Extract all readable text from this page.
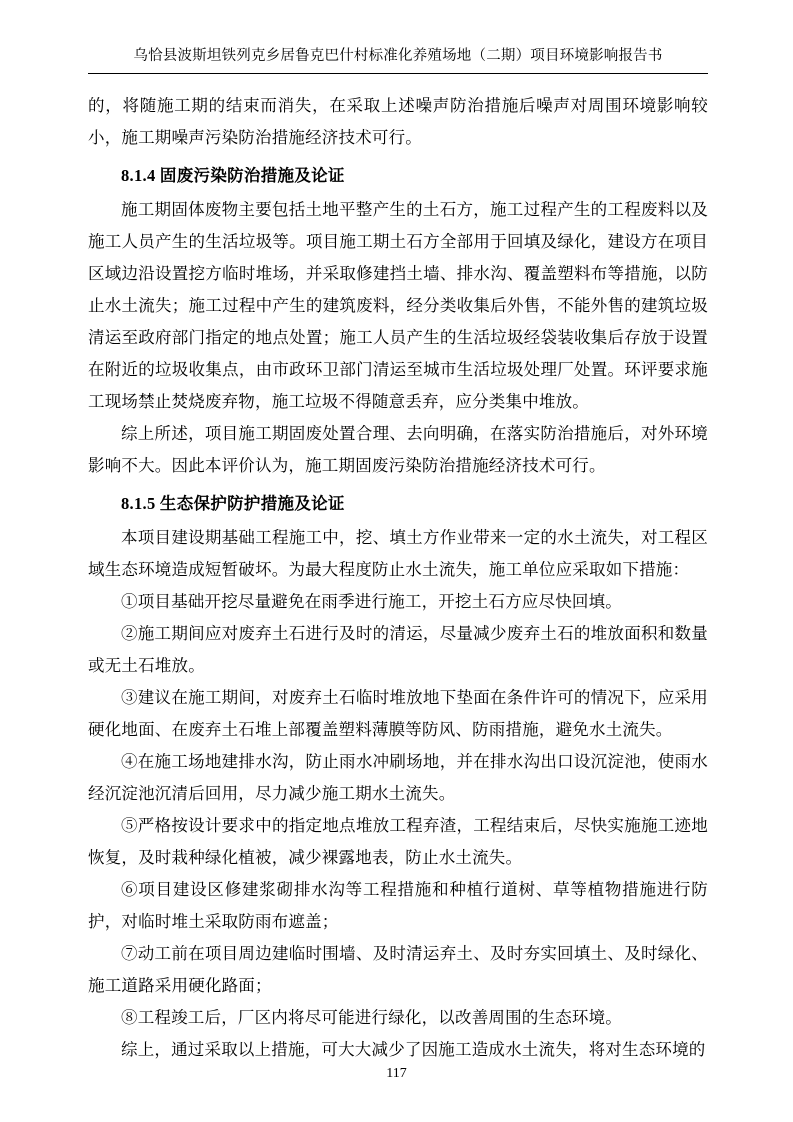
乌恰县波斯坦铁列克乡居鲁克巴什村标准化养殖场地（二期）项目环境影响报告书

的，将随施工期的结束而消失，在采取上述噪声防治措施后噪声对周围环境影响较小，施工期噪声污染防治措施经济技术可行。

8.1.4 固废污染防治措施及论证

施工期固体废物主要包括土地平整产生的土石方，施工过程产生的工程废料以及施工人员产生的生活垃圾等。项目施工期土石方全部用于回填及绿化，建设方在项目区域边沿设置挖方临时堆场，并采取修建挡土墙、排水沟、覆盖塑料布等措施，以防止水土流失；施工过程中产生的建筑废料，经分类收集后外售，不能外售的建筑垃圾清运至政府部门指定的地点处置；施工人员产生的生活垃圾经袋装收集后存放于设置在附近的垃圾收集点，由市政环卫部门清运至城市生活垃圾处理厂处置。环评要求施工现场禁止焚烧废弃物，施工垃圾不得随意丢弃，应分类集中堆放。

综上所述，项目施工期固废处置合理、去向明确，在落实防治措施后，对外环境影响不大。因此本评价认为，施工期固废污染防治措施经济技术可行。

8.1.5 生态保护防护措施及论证

本项目建设期基础工程施工中，挖、填土方作业带来一定的水土流失，对工程区域生态环境造成短暂破坏。为最大程度防止水土流失，施工单位应采取如下措施：

①项目基础开挖尽量避免在雨季进行施工，开挖土石方应尽快回填。

②施工期间应对废弃土石进行及时的清运，尽量减少废弃土石的堆放面积和数量或无土石堆放。

③建议在施工期间，对废弃土石临时堆放地下垫面在条件许可的情况下，应采用硬化地面、在废弃土石堆上部覆盖塑料薄膜等防风、防雨措施，避免水土流失。

④在施工场地建排水沟，防止雨水冲刷场地，并在排水沟出口设沉淀池，使雨水经沉淀池沉清后回用，尽力减少施工期水土流失。

⑤严格按设计要求中的指定地点堆放工程弃渣，工程结束后，尽快实施施工迹地恢复，及时栽种绿化植被，减少裸露地表，防止水土流失。

⑥项目建设区修建浆砌排水沟等工程措施和种植行道树、草等植物措施进行防护，对临时堆土采取防雨布遮盖；

⑦动工前在项目周边建临时围墙、及时清运弃土、及时夯实回填土、及时绿化、施工道路采用硬化路面；

⑧工程竣工后，厂区内将尽可能进行绿化，以改善周围的生态环境。

综上，通过采取以上措施，可大大减少了因施工造成水土流失，将对生态环境的

117
